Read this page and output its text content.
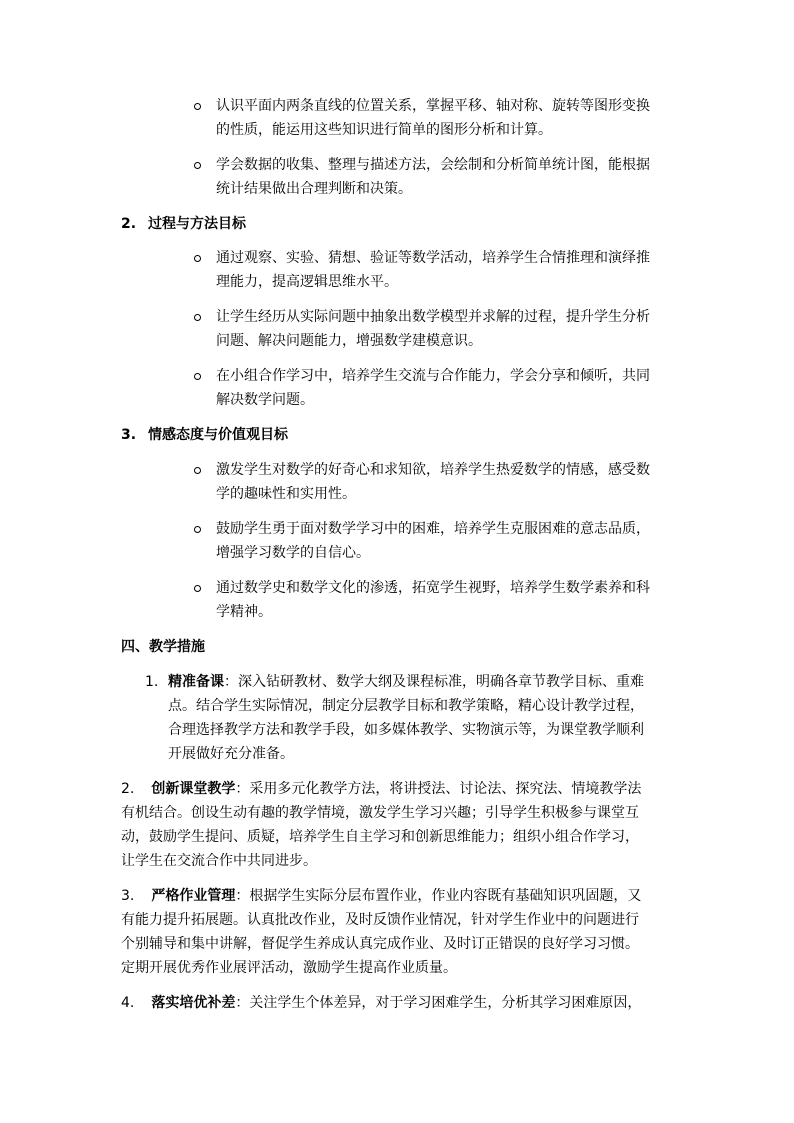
认识平面内两条直线的位置关系，掌握平移、轴对称、旋转等图形变换
的性质，能运用这些知识进行简单的图形分析和计算。
学会数据的收集、整理与描述方法，会绘制和分析简单统计图，能根据
统计结果做出合理判断和决策。
2. 过程与方法目标
通过观察、实验、猜想、验证等数学活动，培养学生合情推理和演绎推
理能力，提高逻辑思维水平。
让学生经历从实际问题中抽象出数学模型并求解的过程，提升学生分析
问题、解决问题能力，增强数学建模意识。
在小组合作学习中，培养学生交流与合作能力，学会分享和倾听，共同
解决数学问题。
3. 情感态度与价值观目标
激发学生对数学的好奇心和求知欲，培养学生热爱数学的情感，感受数
学的趣味性和实用性。
鼓励学生勇于面对数学学习中的困难，培养学生克服困难的意志品质，
增强学习数学的自信心。
通过数学史和数学文化的渗透，拓宽学生视野，培养学生数学素养和科
学精神。
四、教学措施
1. 精准备课：深入钻研教材、数学大纲及课程标准，明确各章节教学目标、重难
点。结合学生实际情况，制定分层教学目标和教学策略，精心设计教学过程，
合理选择教学方法和教学手段，如多媒体教学、实物演示等，为课堂教学顺利
开展做好充分准备。
2. 创新课堂教学：采用多元化教学方法，将讲授法、讨论法、探究法、情境教学法
有机结合。创设生动有趣的教学情境，激发学生学习兴趣；引导学生积极参与课堂互
动，鼓励学生提问、质疑，培养学生自主学习和创新思维能力；组织小组合作学习，
让学生在交流合作中共同进步。
3. 严格作业管理：根据学生实际分层布置作业，作业内容既有基础知识巩固题，又
有能力提升拓展题。认真批改作业，及时反馈作业情况，针对学生作业中的问题进行
个别辅导和集中讲解，督促学生养成认真完成作业、及时订正错误的良好学习习惯。
定期开展优秀作业展评活动，激励学生提高作业质量。
4. 落实培优补差：关注学生个体差异，对于学习困难学生，分析其学习困难原因，
